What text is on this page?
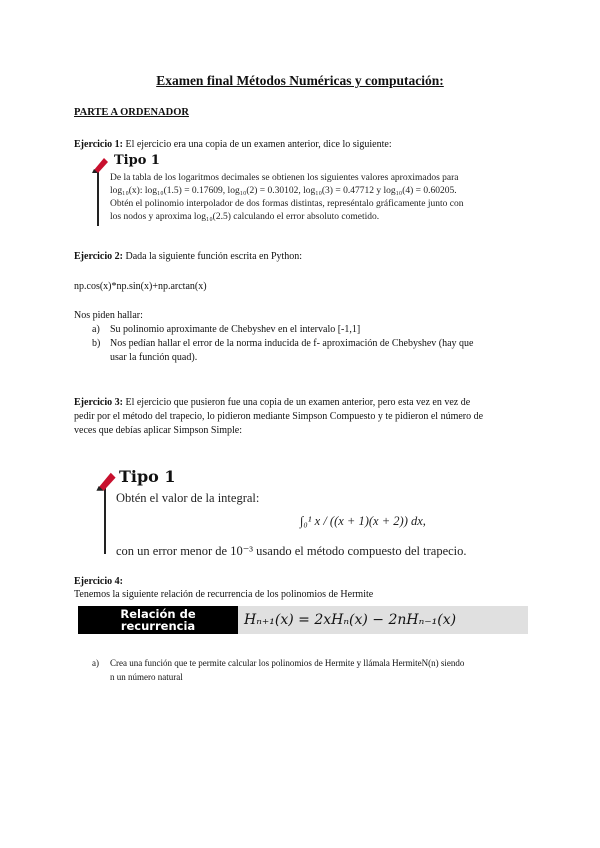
Examen final Métodos Numéricas y computación:
PARTE A ORDENADOR
Ejercicio 1: El ejercicio era una copia de un examen anterior, dice lo siguiente:
Tipo 1
De la tabla de los logaritmos decimales se obtienen los siguientes valores aproximados para
log₁₀(x): log₁₀(1.5) = 0.17609, log₁₀(2) = 0.30102, log₁₀(3) = 0.47712 y log₁₀(4) = 0.60205.
Obtén el polinomio interpolador de dos formas distintas, represéntalo gráficamente junto con
los nodos y aproxima log₁₀(2.5) calculando el error absoluto cometido.
Ejercicio 2: Dada la siguiente función escrita en Python:
np.cos(x)*np.sin(x)+np.arctan(x)
Nos piden hallar:
a) Su polinomio aproximante de Chebyshev en el intervalo [-1,1]
b) Nos pedían hallar el error de la norma inducida de f- aproximación de Chebyshev (hay que
usar la función quad).
Ejercicio 3: El ejercicio que pusieron fue una copia de un examen anterior, pero esta vez en vez de
pedir por el método del trapecio, lo pidieron mediante Simpson Compuesto y te pidieron el número de
veces que debías aplicar Simpson Simple:
Tipo 1
Obtén el valor de la integral:
∫₀¹ x / ((x + 1)(x + 2)) dx,
con un error menor de 10⁻³ usando el método compuesto del trapecio.
Ejercicio 4:
Tenemos la siguiente relación de recurrencia de los polinomios de Hermite
Relación de
recurrencia	Hₙ₊₁(x) = 2xHₙ(x) − 2nHₙ₋₁(x)
a) Crea una función que te permite calcular los polinomios de Hermite y llámala HermiteN(n) siendo
n un número natural
